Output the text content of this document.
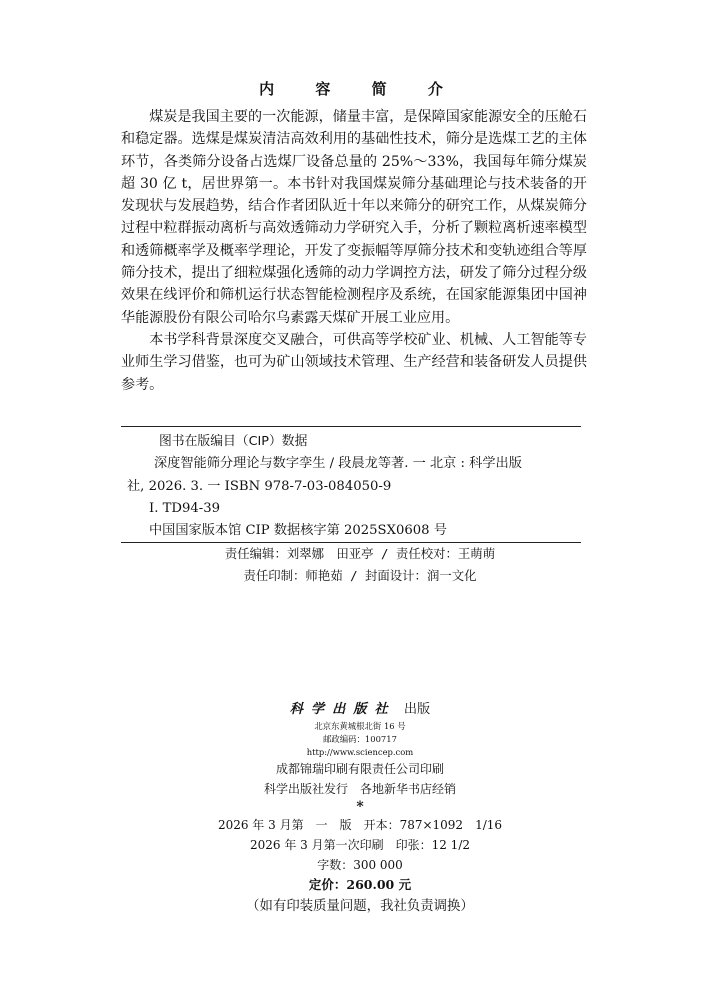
内 容 简 介

煤炭是我国主要的一次能源，储量丰富，是保障国家能源安全的压舱石和稳定器。选煤是煤炭清洁高效利用的基础性技术，筛分是选煤工艺的主体环节，各类筛分设备占选煤厂设备总量的 25%～33%，我国每年筛分煤炭超 30 亿 t，居世界第一。本书针对我国煤炭筛分基础理论与技术装备的开发现状与发展趋势，结合作者团队近十年以来筛分的研究工作，从煤炭筛分过程中粒群振动离析与高效透筛动力学研究入手，分析了颗粒离析速率模型和透筛概率学及概率学理论，开发了变振幅等厚筛分技术和变轨迹组合等厚筛分技术，提出了细粒煤强化透筛的动力学调控方法，研发了筛分过程分级效果在线评价和筛机运行状态智能检测程序及系统，在国家能源集团中国神华能源股份有限公司哈尔乌素露天煤矿开展工业应用。

本书学科背景深度交叉融合，可供高等学校矿业、机械、人工智能等专业师生学习借鉴，也可为矿山领域技术管理、生产经营和装备研发人员提供参考。

图书在版编目（CIP）数据

深度智能筛分理论与数字孪生 / 段晨龙等著. 一 北京 : 科学出版

社, 2026. 3. 一 ISBN 978-7-03-084050-9

Ⅰ. TD94-39

中国国家版本馆 CIP 数据核字第 2025SX0608 号

责任编辑：刘翠娜　田亚亭 / 责任校对：王萌萌
责任印制：师艳茹 / 封面设计：润一文化
科学出版社 出版
北京东黄城根北街 16 号
邮政编码：100717
http://www.sciencep.com
成都锦瑞印刷有限责任公司印刷
科学出版社发行　各地新华书店经销
*
2026 年 3 月第　一　版　开本：787×1092　1/16
2026 年 3 月第一次印刷　印张：12 1/2
字数：300 000
定价：260.00 元
（如有印装质量问题，我社负责调换）
